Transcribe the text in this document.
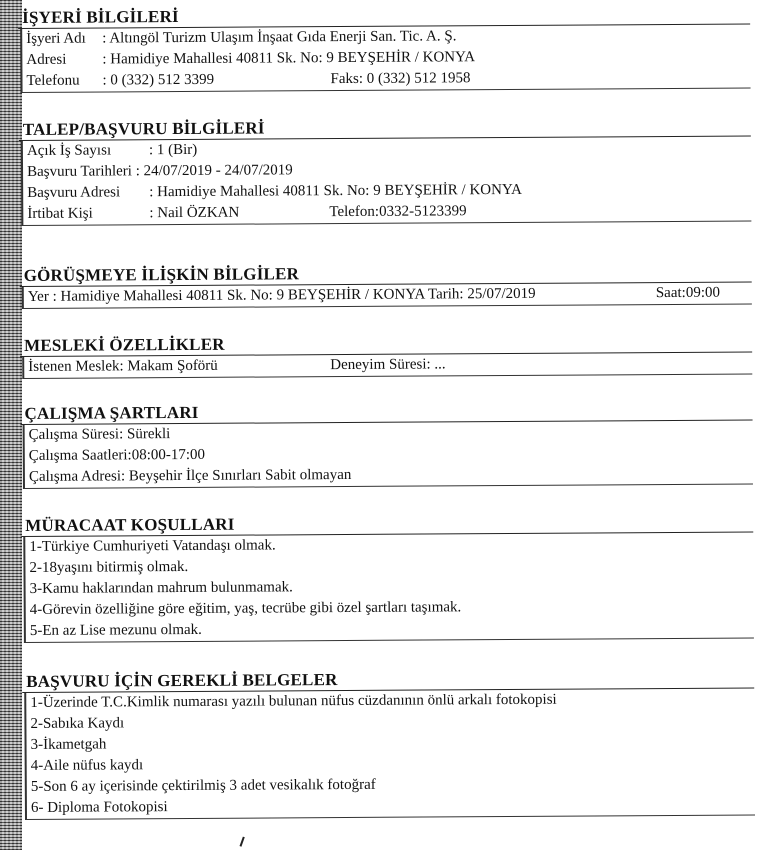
İŞYERİ BİLGİLERİ
İşyeri Adı : Altıngöl Turizm Ulaşım İnşaat Gıda Enerji San. Tic. A. Ş.
Adresi : Hamidiye Mahallesi 40811 Sk. No: 9 BEYŞEHİR / KONYA
Telefonu : 0 (332) 512 3399	Faks: 0 (332) 512 1958
TALEP/BAŞVURU BİLGİLERİ
Açık İş Sayısı	: 1 (Bir)
Başvuru Tarihleri : 24/07/2019 - 24/07/2019
Başvuru Adresi : Hamidiye Mahallesi 40811 Sk. No: 9 BEYŞEHİR / KONYA
İrtibat Kişi	: Nail ÖZKAN	Telefon:0332-5123399
GÖRÜŞMEYE İLİŞKİN BİLGİLER
Yer : Hamidiye Mahallesi 40811 Sk. No: 9 BEYŞEHİR / KONYA Tarih: 25/07/2019	Saat:09:00
MESLEKİ ÖZELLİKLER
İstenen Meslek: Makam Şoförü	Deneyim Süresi: ...
ÇALIŞMA ŞARTLARI
Çalışma Süresi: Sürekli
Çalışma Saatleri:08:00-17:00
Çalışma Adresi: Beyşehir İlçe Sınırları Sabit olmayan
MÜRACAAT KOŞULLARI
1-Türkiye Cumhuriyeti Vatandaşı olmak.
2-18yaşını bitirmiş olmak.
3-Kamu haklarından mahrum bulunmamak.
4-Görevin özelliğine göre eğitim, yaş, tecrübe gibi özel şartları taşımak.
5-En az Lise mezunu olmak.
BAŞVURU İÇİN GEREKLİ BELGELER
1-Üzerinde T.C.Kimlik numarası yazılı bulunan nüfus cüzdanının önlü arkalı fotokopisi
2-Sabıka Kaydı
3-İkametgah
4-Aile nüfus kaydı
5-Son 6 ay içerisinde çektirilmiş 3 adet vesikalık fotoğraf
6- Diploma Fotokopisi
